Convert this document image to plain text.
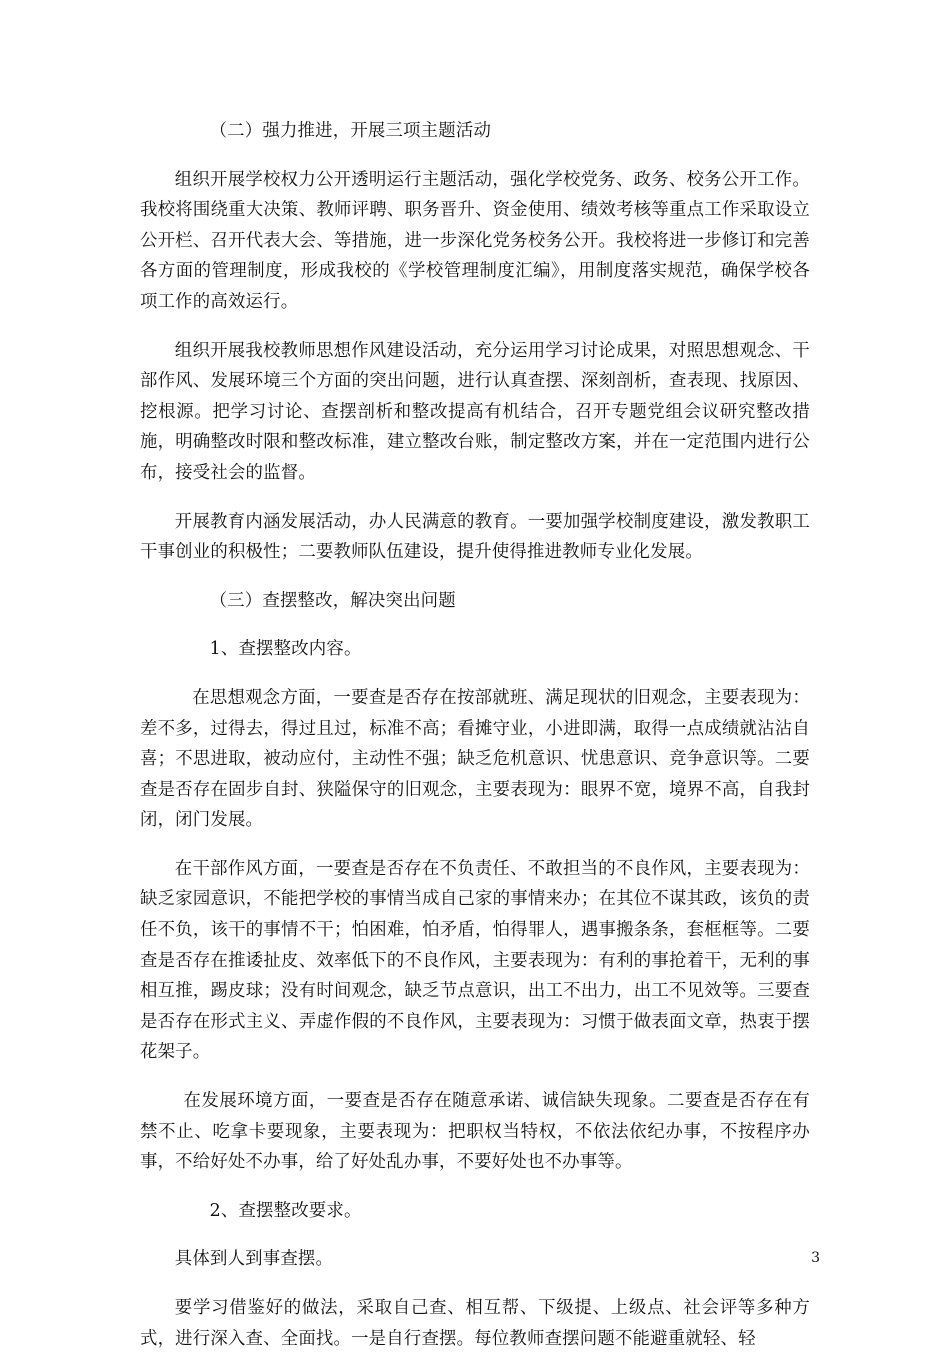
（二）强力推进，开展三项主题活动

组织开展学校权力公开透明运行主题活动，强化学校党务、政务、校务公开工作。我校将围绕重大决策、教师评聘、职务晋升、资金使用、绩效考核等重点工作采取设立公开栏、召开代表大会、等措施，进一步深化党务校务公开。我校将进一步修订和完善各方面的管理制度，形成我校的《学校管理制度汇编》，用制度落实规范，确保学校各项工作的高效运行。

组织开展我校教师思想作风建设活动，充分运用学习讨论成果，对照思想观念、干部作风、发展环境三个方面的突出问题，进行认真查摆、深刻剖析，查表现、找原因、挖根源。把学习讨论、查摆剖析和整改提高有机结合，召开专题党组会议研究整改措施，明确整改时限和整改标准，建立整改台账，制定整改方案，并在一定范围内进行公布，接受社会的监督。

开展教育内涵发展活动，办人民满意的教育。一要加强学校制度建设，激发教职工干事创业的积极性；二要教师队伍建设，提升使得推进教师专业化发展。

（三）查摆整改，解决突出问题

1、查摆整改内容。

在思想观念方面，一要查是否存在按部就班、满足现状的旧观念，主要表现为：差不多，过得去，得过且过，标准不高；看摊守业，小进即满，取得一点成绩就沾沾自喜；不思进取，被动应付，主动性不强；缺乏危机意识、忧患意识、竞争意识等。二要查是否存在固步自封、狭隘保守的旧观念，主要表现为：眼界不宽，境界不高，自我封闭，闭门发展。

在干部作风方面，一要查是否存在不负责任、不敢担当的不良作风，主要表现为：缺乏家园意识，不能把学校的事情当成自己家的事情来办；在其位不谋其政，该负的责任不负，该干的事情不干；怕困难，怕矛盾，怕得罪人，遇事搬条条，套框框等。二要查是否存在推诿扯皮、效率低下的不良作风，主要表现为：有利的事抢着干，无利的事相互推，踢皮球；没有时间观念，缺乏节点意识，出工不出力，出工不见效等。三要查是否存在形式主义、弄虚作假的不良作风，主要表现为：习惯于做表面文章，热衷于摆花架子。

在发展环境方面，一要查是否存在随意承诺、诚信缺失现象。二要查是否存在有禁不止、吃拿卡要现象，主要表现为：把职权当特权，不依法依纪办事，不按程序办事，不给好处不办事，给了好处乱办事，不要好处也不办事等。

2、查摆整改要求。

具体到人到事查摆。

要学习借鉴好的做法，采取自己查、相互帮、下级提、上级点、社会评等多种方式，进行深入查、全面找。一是自行查摆。每位教师查摆问题不能避重就轻、轻

3
